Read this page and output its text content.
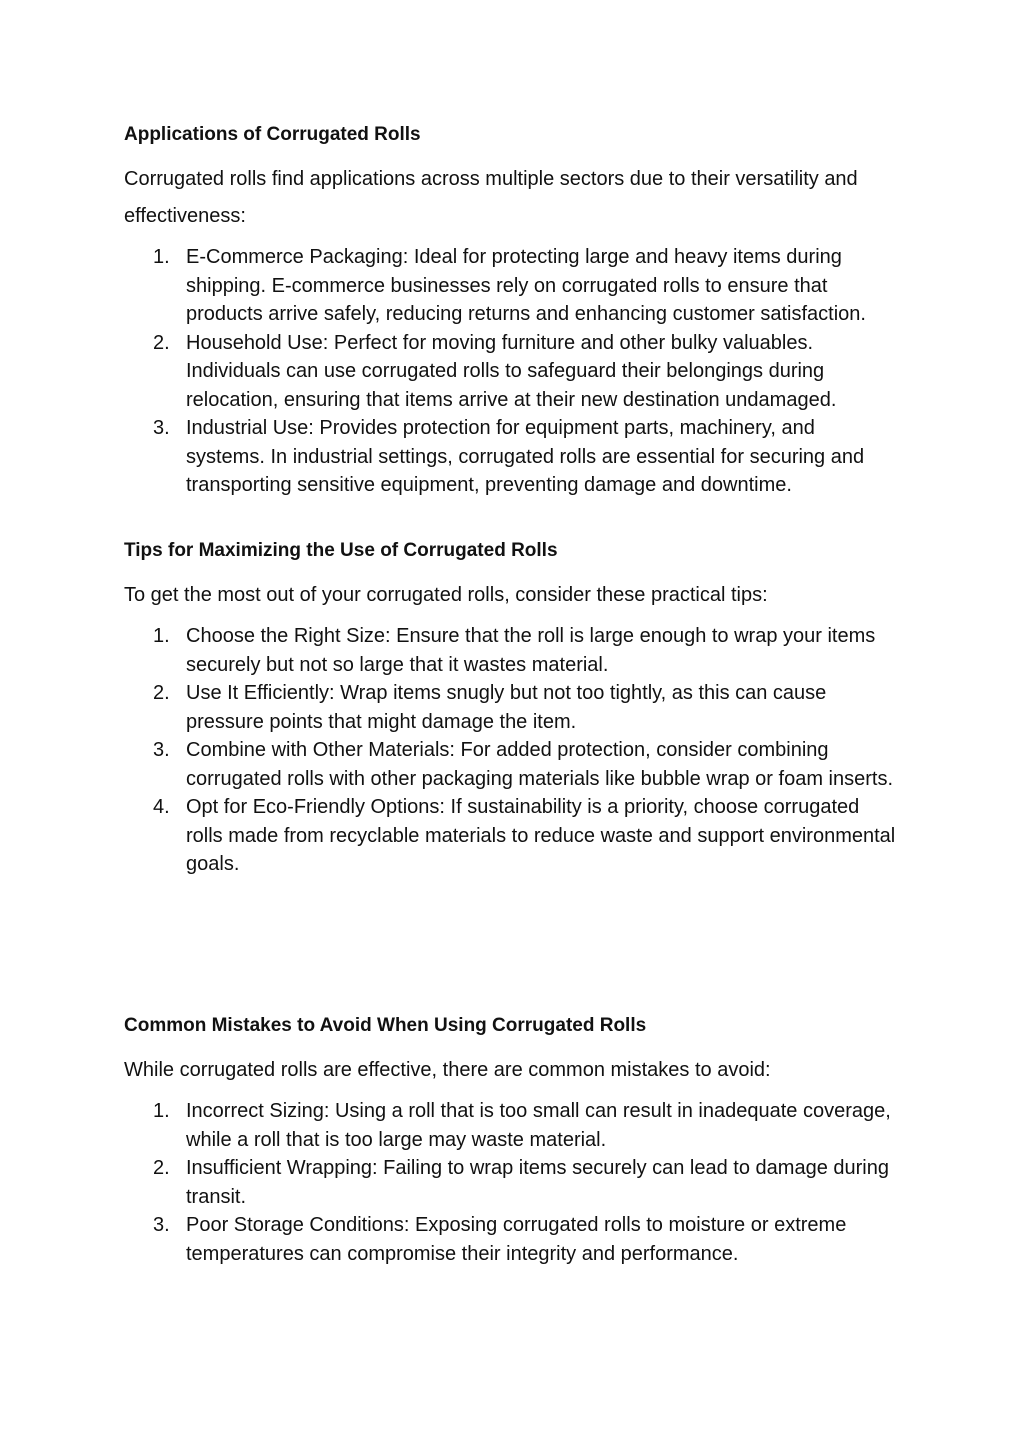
Applications of Corrugated Rolls

Corrugated rolls find applications across multiple sectors due to their versatility and effectiveness:

1. E-Commerce Packaging: Ideal for protecting large and heavy items during shipping. E-commerce businesses rely on corrugated rolls to ensure that products arrive safely, reducing returns and enhancing customer satisfaction.
2. Household Use: Perfect for moving furniture and other bulky valuables. Individuals can use corrugated rolls to safeguard their belongings during relocation, ensuring that items arrive at their new destination undamaged.
3. Industrial Use: Provides protection for equipment parts, machinery, and systems. In industrial settings, corrugated rolls are essential for securing and transporting sensitive equipment, preventing damage and downtime.
Tips for Maximizing the Use of Corrugated Rolls

To get the most out of your corrugated rolls, consider these practical tips:

1. Choose the Right Size: Ensure that the roll is large enough to wrap your items securely but not so large that it wastes material.
2. Use It Efficiently: Wrap items snugly but not too tightly, as this can cause pressure points that might damage the item.
3. Combine with Other Materials: For added protection, consider combining corrugated rolls with other packaging materials like bubble wrap or foam inserts.
4. Opt for Eco-Friendly Options: If sustainability is a priority, choose corrugated rolls made from recyclable materials to reduce waste and support environmental goals.
Common Mistakes to Avoid When Using Corrugated Rolls

While corrugated rolls are effective, there are common mistakes to avoid:

1. Incorrect Sizing: Using a roll that is too small can result in inadequate coverage, while a roll that is too large may waste material.
2. Insufficient Wrapping: Failing to wrap items securely can lead to damage during transit.
3. Poor Storage Conditions: Exposing corrugated rolls to moisture or extreme temperatures can compromise their integrity and performance.
